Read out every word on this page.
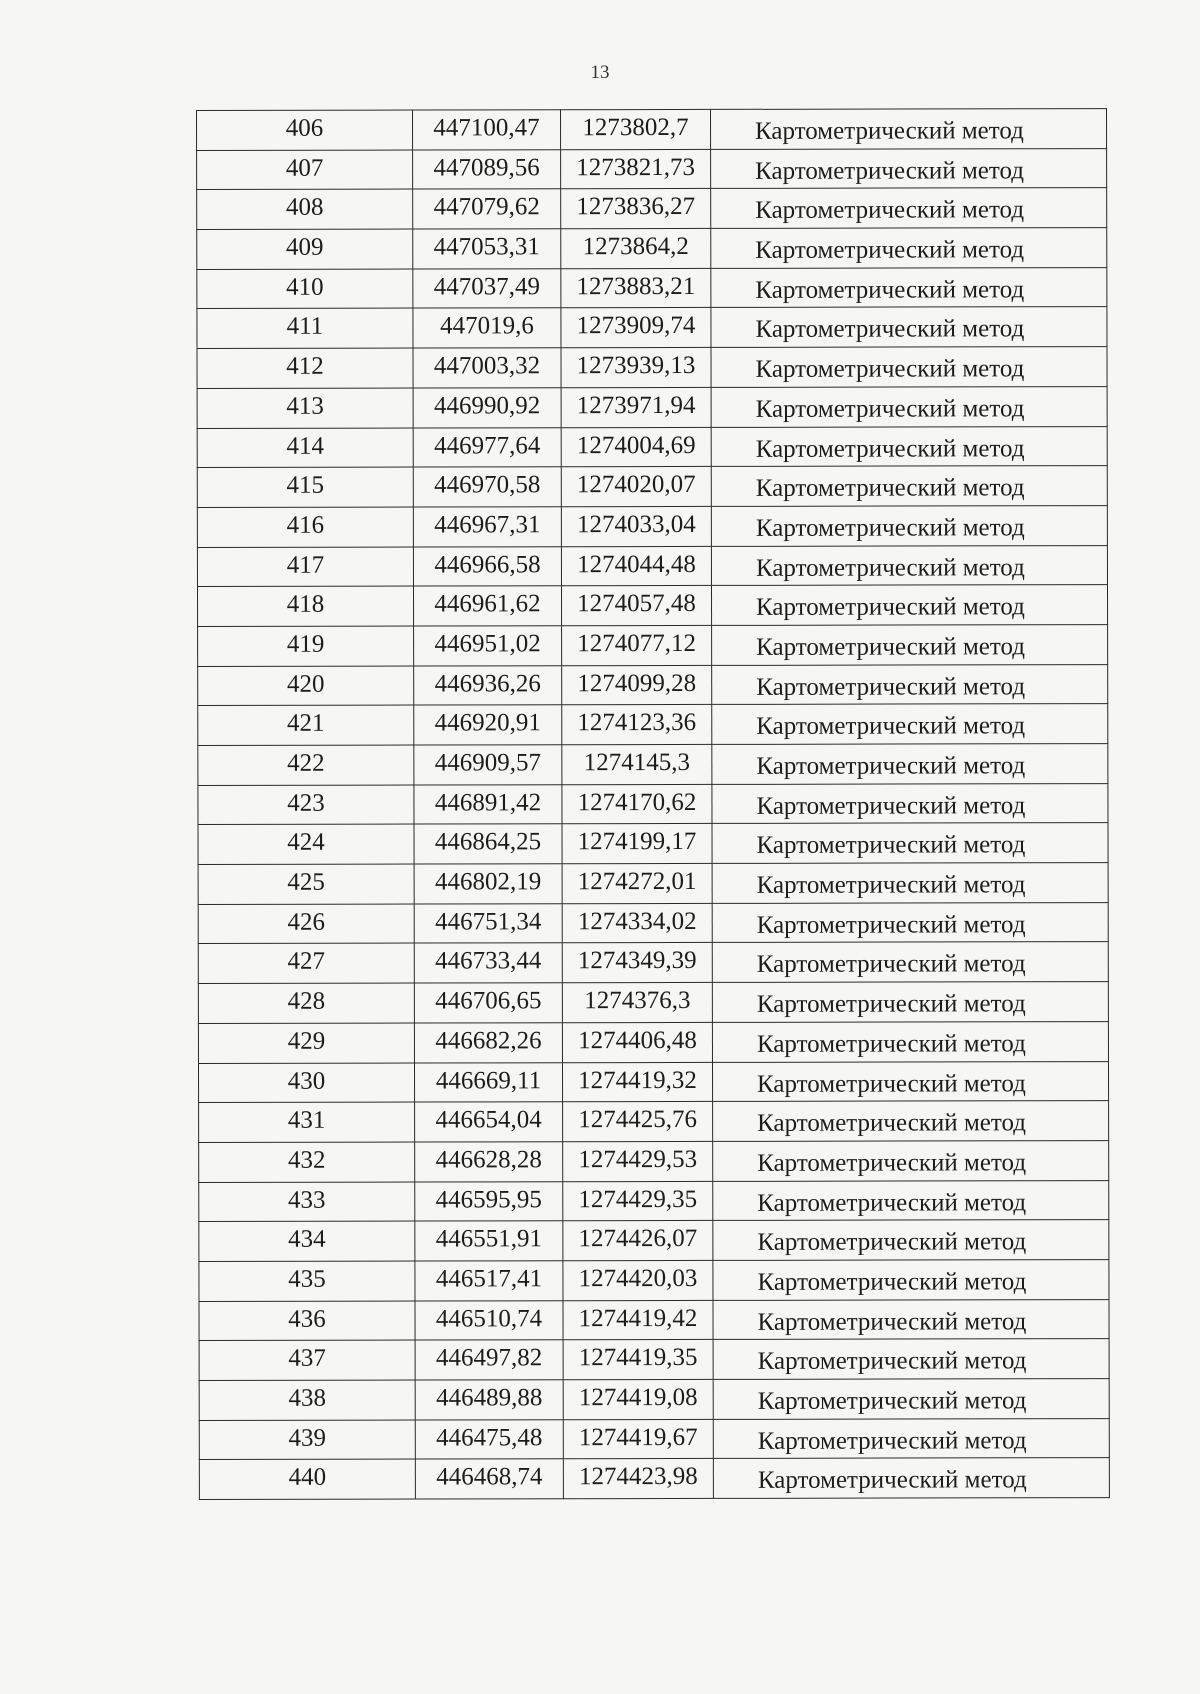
13
406	447100,47	1273802,7	Картометрический метод
407	447089,56	1273821,73	Картометрический метод
408	447079,62	1273836,27	Картометрический метод
409	447053,31	1273864,2	Картометрический метод
410	447037,49	1273883,21	Картометрический метод
411	447019,6	1273909,74	Картометрический метод
412	447003,32	1273939,13	Картометрический метод
413	446990,92	1273971,94	Картометрический метод
414	446977,64	1274004,69	Картометрический метод
415	446970,58	1274020,07	Картометрический метод
416	446967,31	1274033,04	Картометрический метод
417	446966,58	1274044,48	Картометрический метод
418	446961,62	1274057,48	Картометрический метод
419	446951,02	1274077,12	Картометрический метод
420	446936,26	1274099,28	Картометрический метод
421	446920,91	1274123,36	Картометрический метод
422	446909,57	1274145,3	Картометрический метод
423	446891,42	1274170,62	Картометрический метод
424	446864,25	1274199,17	Картометрический метод
425	446802,19	1274272,01	Картометрический метод
426	446751,34	1274334,02	Картометрический метод
427	446733,44	1274349,39	Картометрический метод
428	446706,65	1274376,3	Картометрический метод
429	446682,26	1274406,48	Картометрический метод
430	446669,11	1274419,32	Картометрический метод
431	446654,04	1274425,76	Картометрический метод
432	446628,28	1274429,53	Картометрический метод
433	446595,95	1274429,35	Картометрический метод
434	446551,91	1274426,07	Картометрический метод
435	446517,41	1274420,03	Картометрический метод
436	446510,74	1274419,42	Картометрический метод
437	446497,82	1274419,35	Картометрический метод
438	446489,88	1274419,08	Картометрический метод
439	446475,48	1274419,67	Картометрический метод
440	446468,74	1274423,98	Картометрический метод
